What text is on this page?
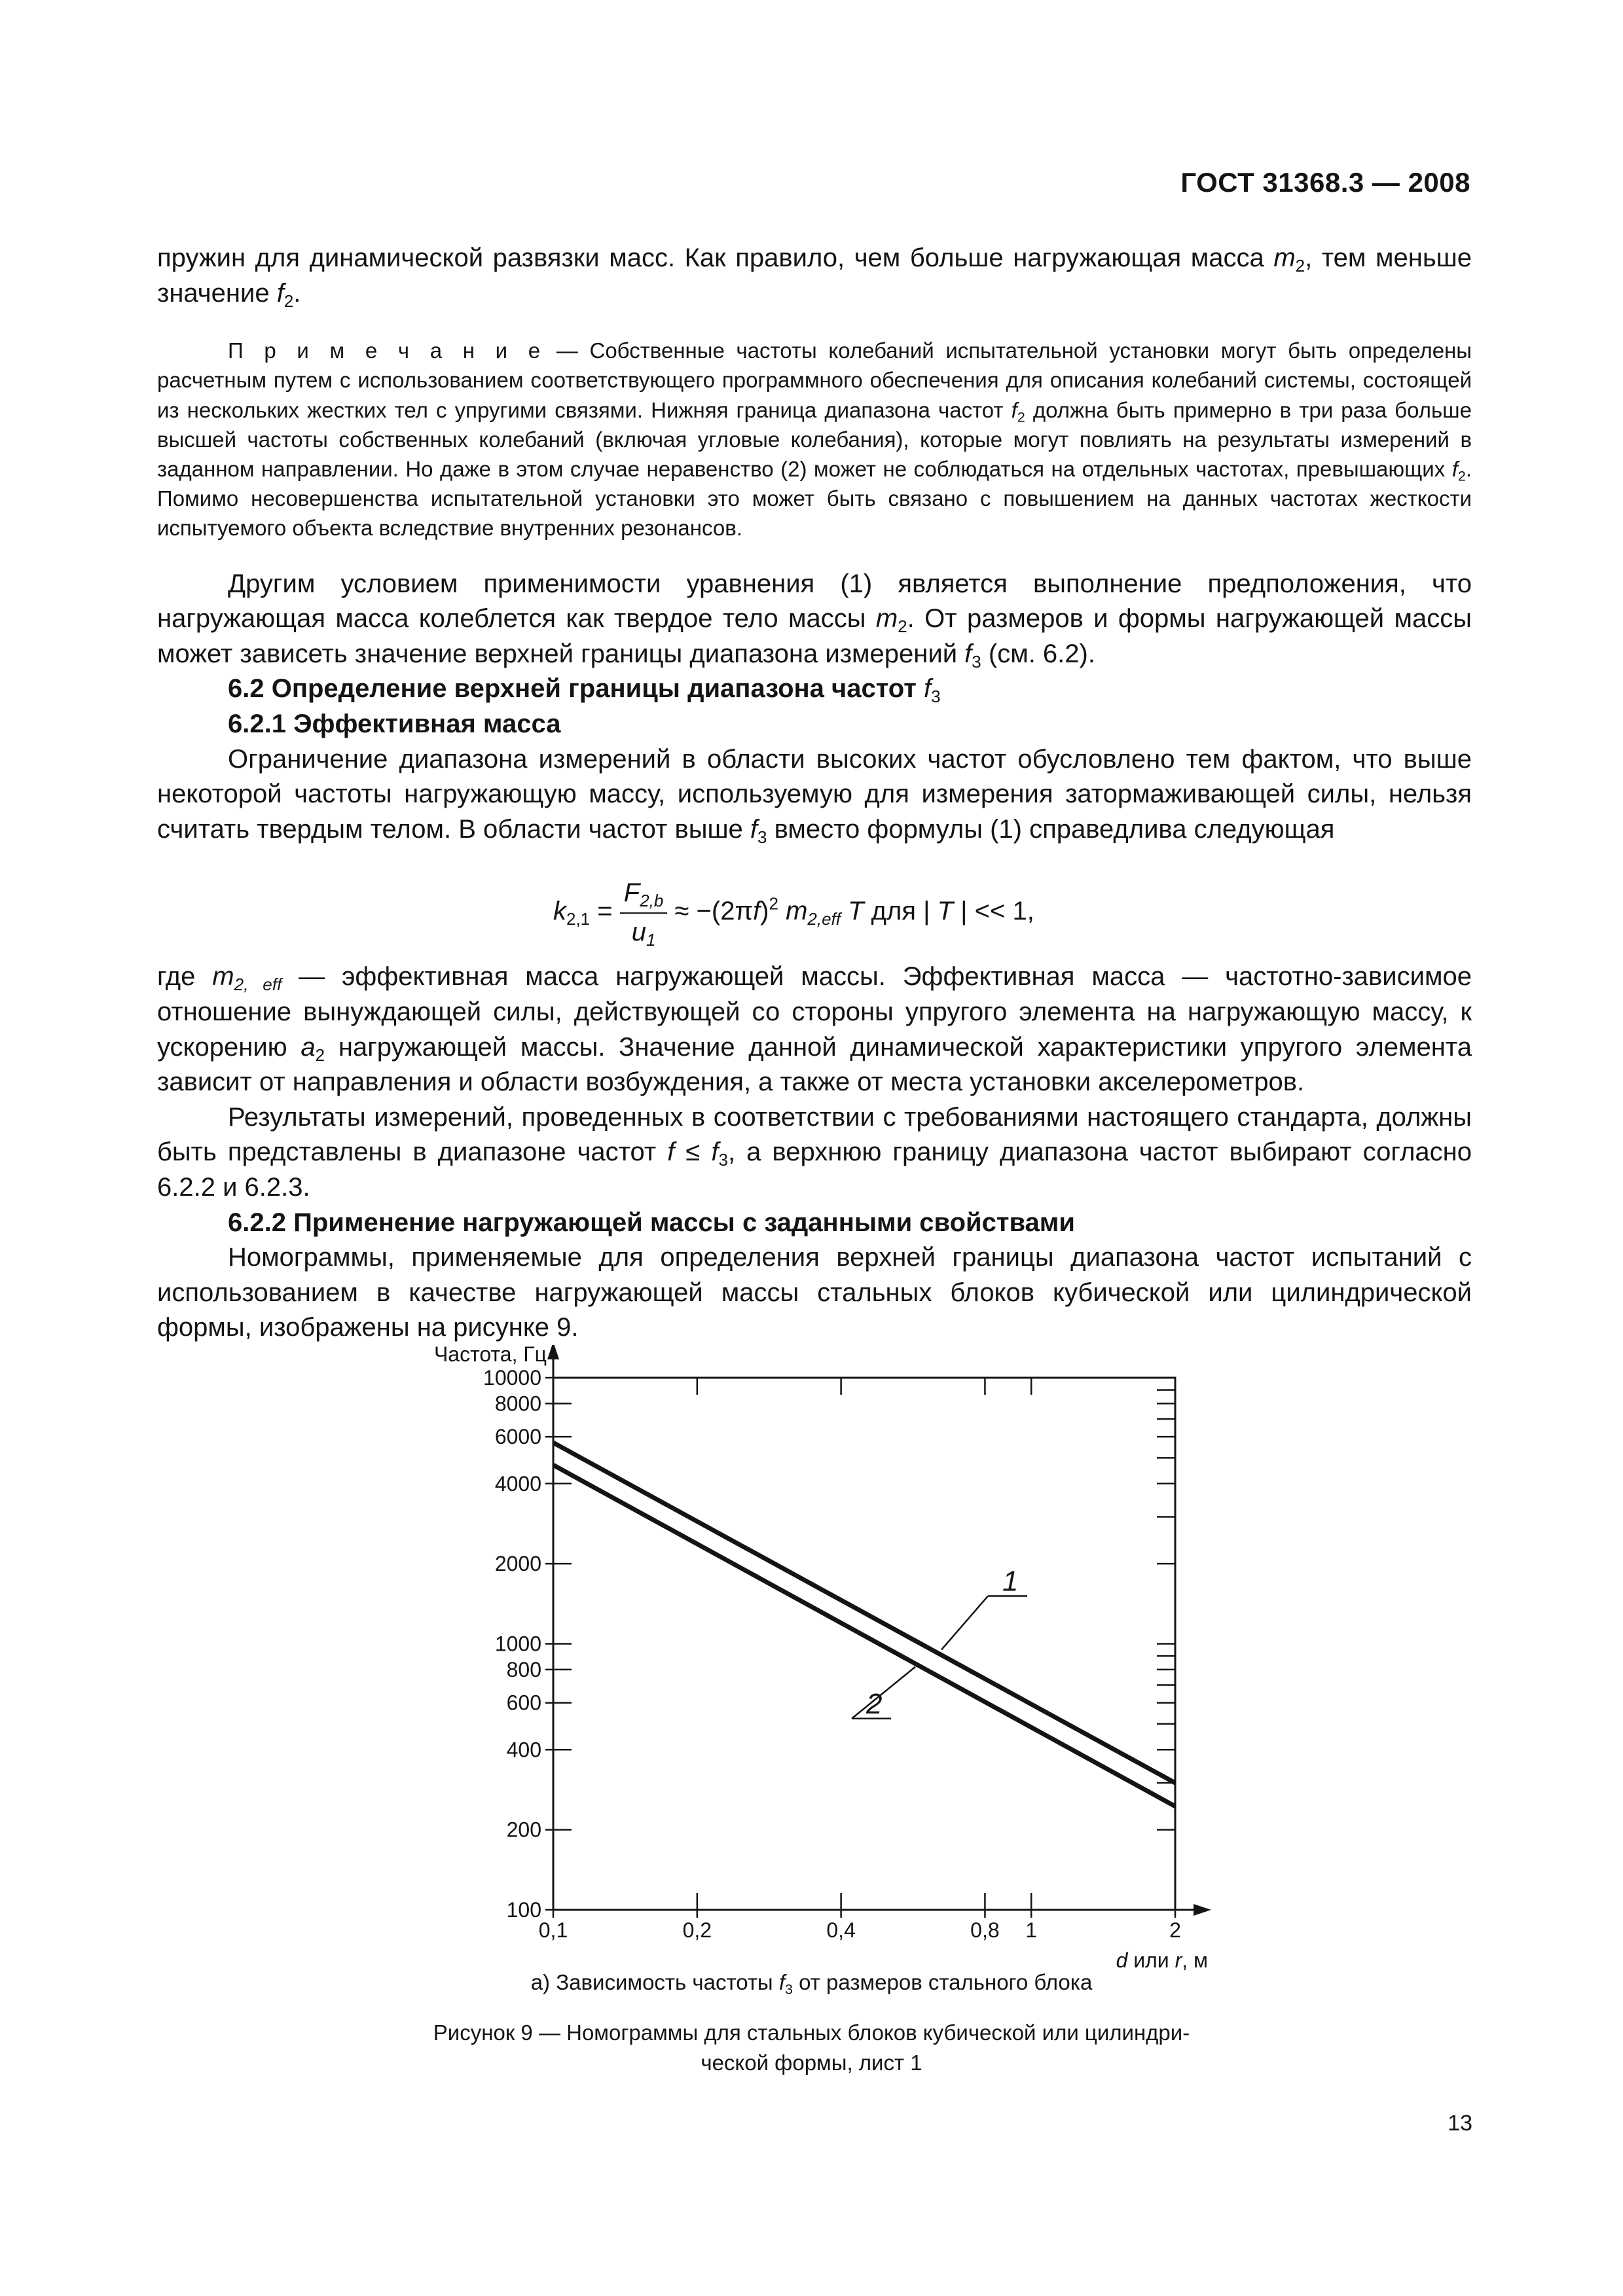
ГОСТ 31368.3 — 2008

пружин для динамической развязки масс. Как правило, чем больше нагружающая масса $m_2$, тем меньше значение $f_2$.

П р и м е ч а н и е — Собственные частоты колебаний испытательной установки могут быть определены расчетным путем с использованием соответствующего программного обеспечения для описания колебаний системы, состоящей из нескольких жестких тел с упругими связями. Нижняя граница диапазона частот $f_2$ должна быть примерно в три раза больше высшей частоты собственных колебаний (включая угловые колебания), которые могут повлиять на результаты измерений в заданном направлении. Но даже в этом случае неравенство (2) может не соблюдаться на отдельных частотах, превышающих $f_2$. Помимо несовершенства испытательной установки это может быть связано с повышением на данных частотах жесткости испытуемого объекта вследствие внутренних резонансов.

Другим условием применимости уравнения (1) является выполнение предположения, что нагружающая масса колеблется как твердое тело массы $m_2$. От размеров и формы нагружающей массы может зависеть значение верхней границы диапазона измерений $f_3$ (см. 6.2).

6.2 Определение верхней границы диапазона частот $f_3$

6.2.1 Эффективная масса

Ограничение диапазона измерений в области высоких частот обусловлено тем фактом, что выше некоторой частоты нагружающую массу, используемую для измерения затормаживающей силы, нельзя считать твердым телом. В области частот выше $f_3$ вместо формулы (1) справедлива следующая

$k_{2,1} = \frac{F_{2,b}}{u_1} \approx -(2\pi f)^2$ $m_{2,eff}$ T для | T | << 1,

где $m_{2, eff}$ — эффективная масса нагружающей массы. Эффективная масса — частотно-зависимое отношение вынуждающей силы, действующей со стороны упругого элемента на нагружающую массу, к ускорению $a_2$ нагружающей массы. Значение данной динамической характеристики упругого элемента зависит от направления и области возбуждения, а также от места установки акселерометров.

Результаты измерений, проведенных в соответствии с требованиями настоящего стандарта, должны быть представлены в диапазоне частот $f \le f_3$, а верхнюю границу диапазона частот выбирают согласно 6.2.2 и 6.2.3.

6.2.2 Применение нагружающей массы с заданными свойствами

Номограммы, применяемые для определения верхней границы диапазона частот испытаний с использованием в качестве нагружающей массы стальных блоков кубической или цилиндрической формы, изображены на рисунке 9.

10000
8000
6000
4000
2000
1000
800
600
400
200
100
0,1	0,2	0,4	0,8 1	2
Частота, Гц
d или r, м
1
2
а) Зависимость частоты $f_3$ от размеров стального блока
Рисунок 9 — Номограммы для стальных блоков кубической или цилиндри-
ческой формы, лист 1
13
